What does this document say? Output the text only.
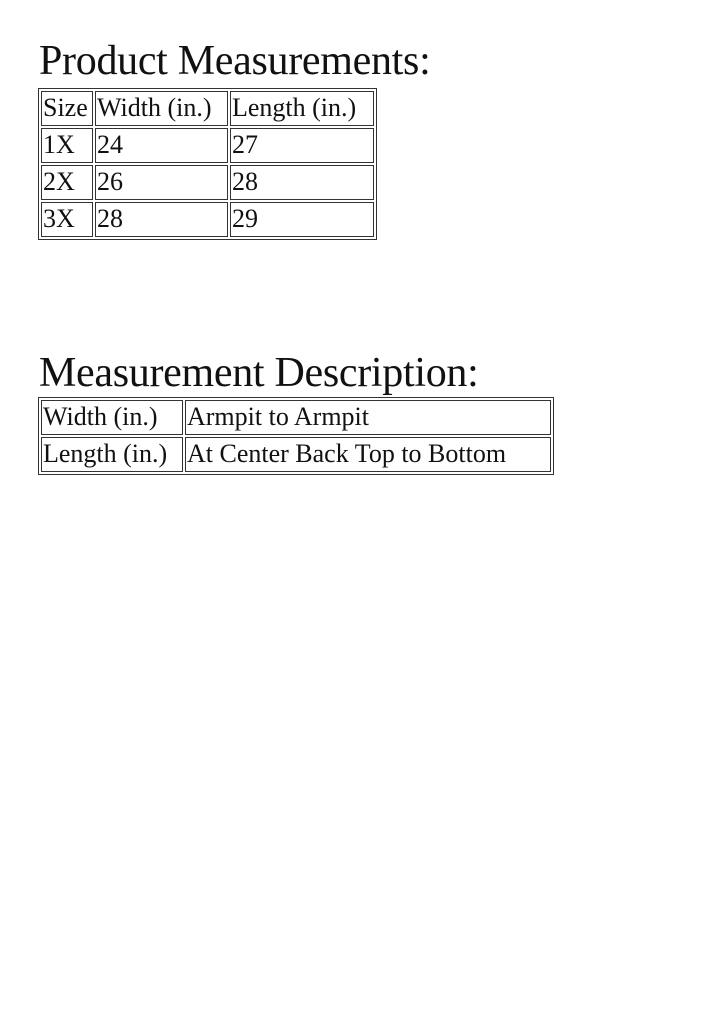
Product Measurements:
Size	Width (in.)	Length (in.)
1X	24	27
2X	26	28
3X	28	29
Measurement Description:
Width (in.)	Armpit to Armpit
Length (in.)	At Center Back Top to Bottom
